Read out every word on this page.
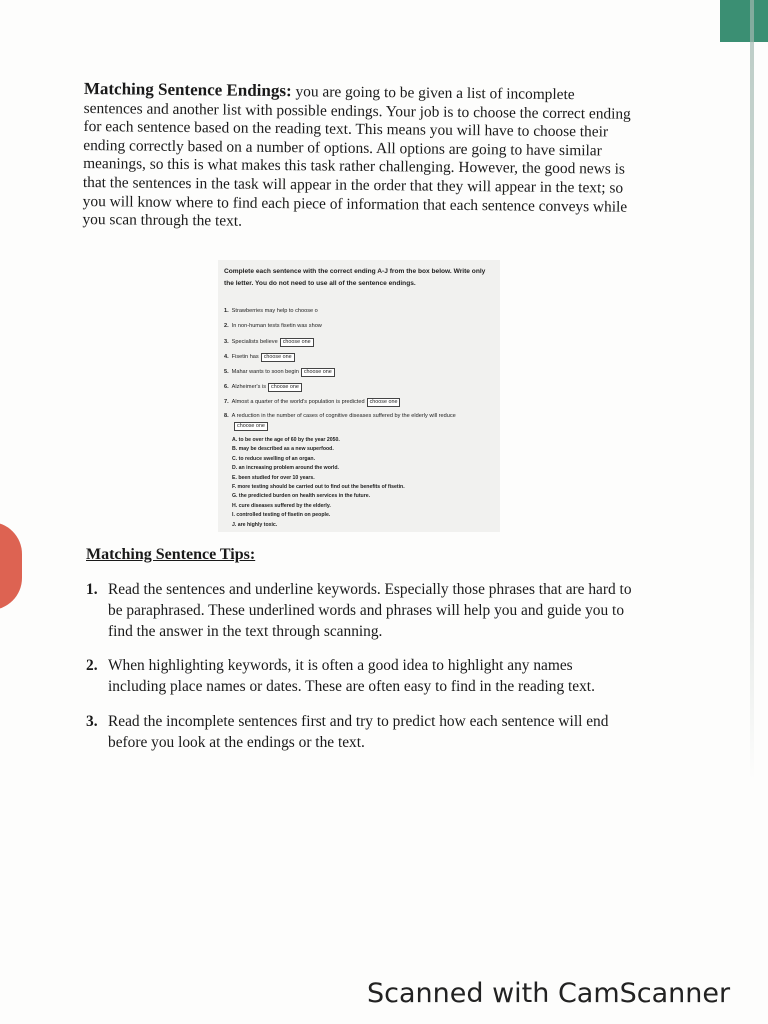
Matching Sentence Endings: you are going to be given a list of incomplete sentences and another list with possible endings. Your job is to choose the correct ending for each sentence based on the reading text. This means you will have to choose their ending correctly based on a number of options. All options are going to have similar meanings, so this is what makes this task rather challenging. However, the good news is that the sentences in the task will appear in the order that they will appear in the text; so you will know where to find each piece of information that each sentence conveys while you scan through the text.
Complete each sentence with the correct ending A-J from the box below. Write only the letter. You do not need to use all of the sentence endings.
1. Strawberries may help to choose o
2. In non-human tests fisetin was show
3. Specialists believe choose one
4. Fisetin has choose one
5. Mahar wants to soon begin choose one
6. Alzheimer's is choose one
7. Almost a quarter of the world's population is predicted choose one
8. A reduction in the number of cases of cognitive diseases suffered by the elderly will reduce
choose one
A. to be over the age of 60 by the year 2050.
B. may be described as a new superfood.
C. to reduce swelling of an organ.
D. an increasing problem around the world.
E. been studied for over 10 years.
F. more testing should be carried out to find out the benefits of fisetin.
G. the predicted burden on health services in the future.
H. cure diseases suffered by the elderly.
I. controlled testing of fisetin on people.
J. are highly toxic.
Matching Sentence Tips:
1. Read the sentences and underline keywords. Especially those phrases that are hard to be paraphrased. These underlined words and phrases will help you and guide you to find the answer in the text through scanning.
2. When highlighting keywords, it is often a good idea to highlight any names including place names or dates. These are often easy to find in the reading text.
3. Read the incomplete sentences first and try to predict how each sentence will end before you look at the endings or the text.
Scanned with CamScanner
